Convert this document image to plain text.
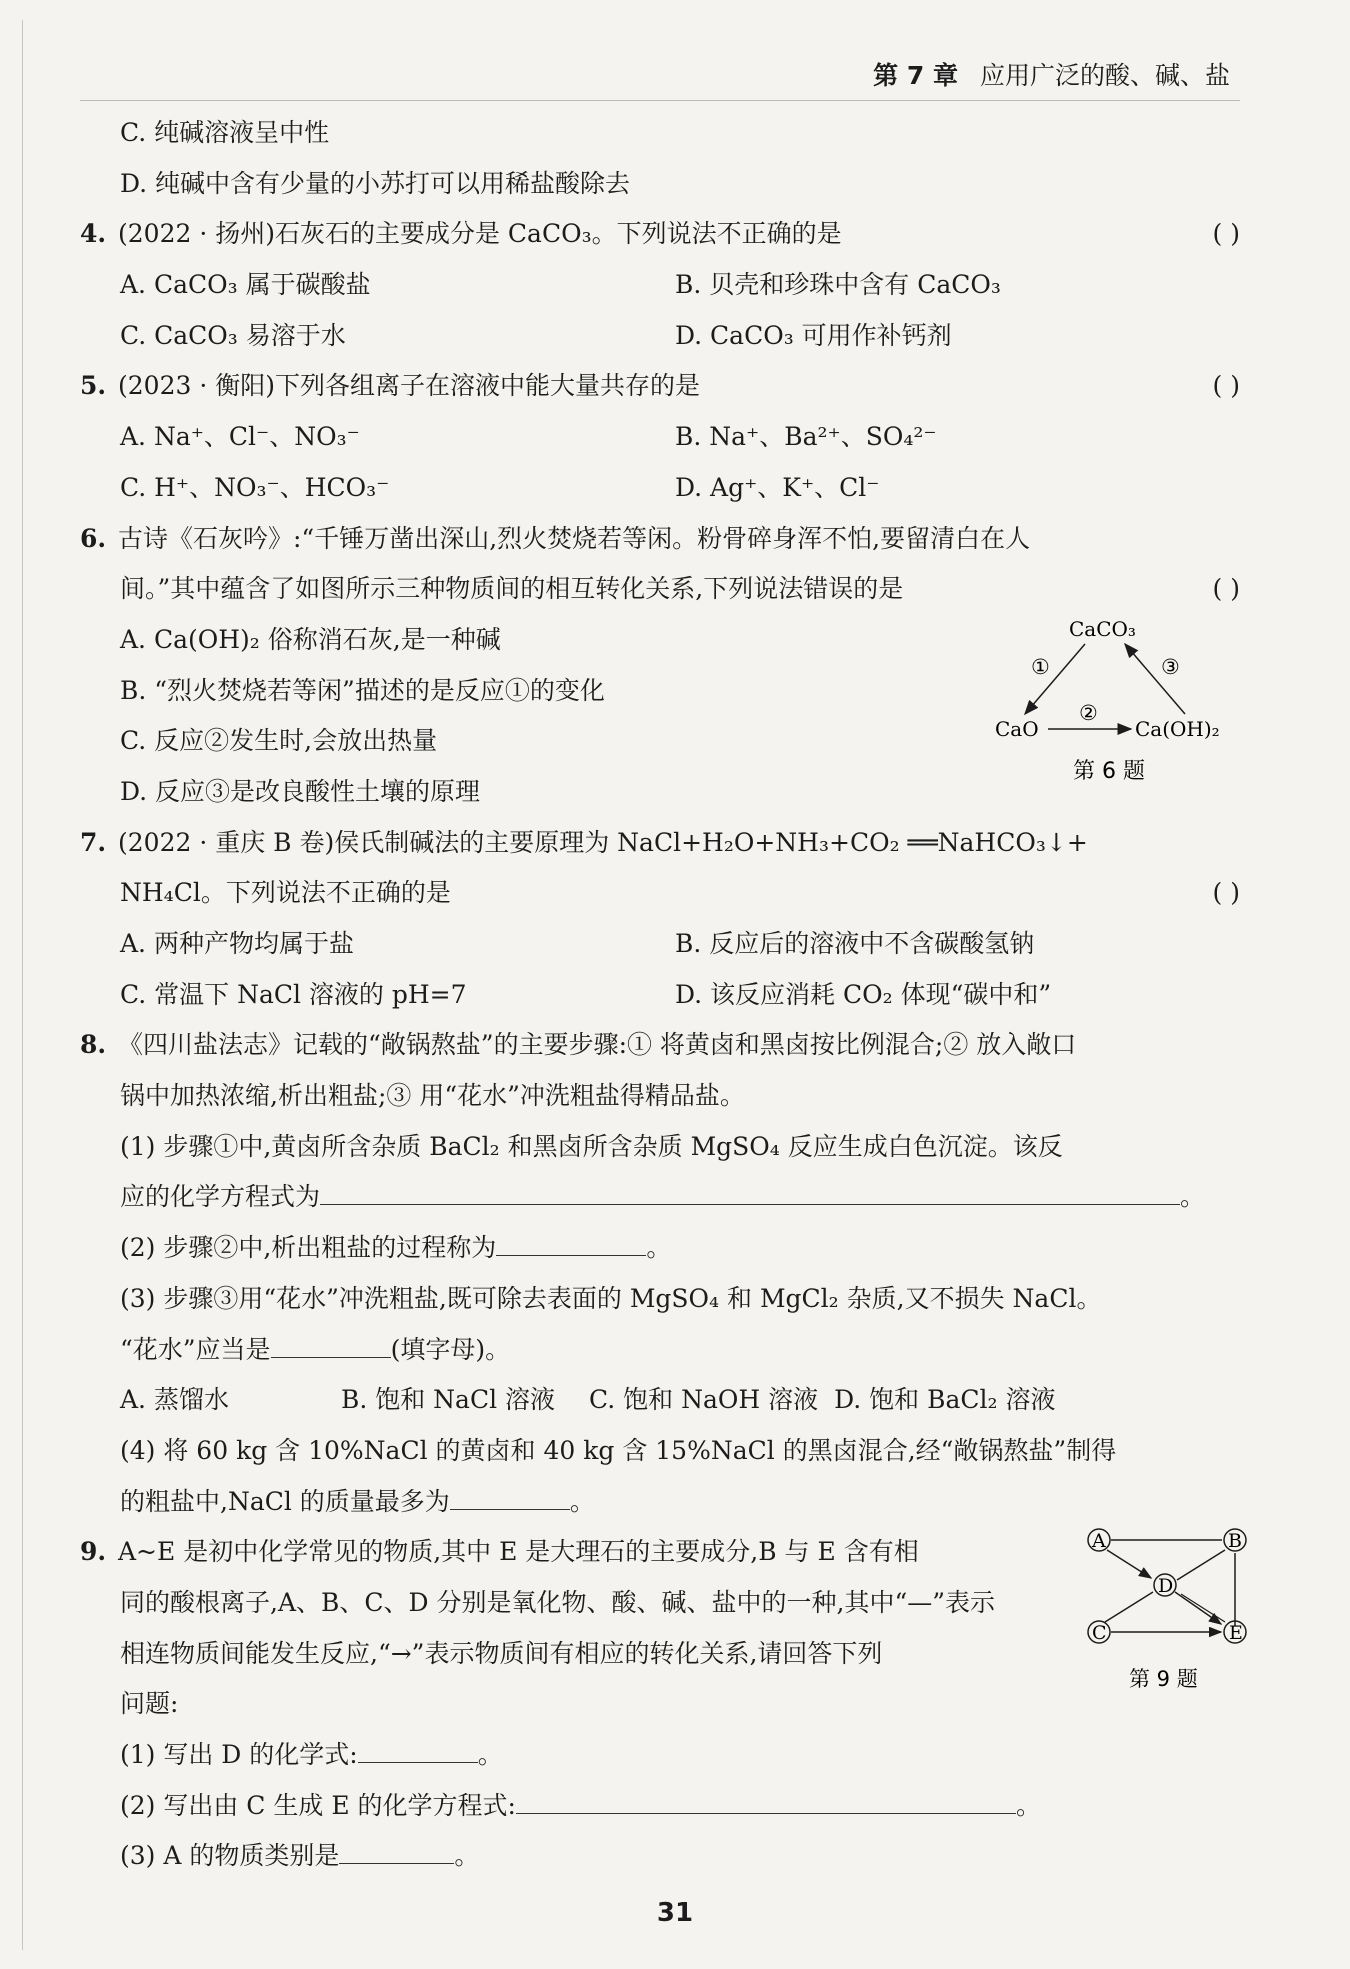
第 7 章 应用广泛的酸、碱、盐
C. 纯碱溶液呈中性
D. 纯碱中含有少量的小苏打可以用稀盐酸除去
4. (2022 · 扬州)石灰石的主要成分是 CaCO₃。下列说法不正确的是	( )
A. CaCO₃ 属于碳酸盐	B. 贝壳和珍珠中含有 CaCO₃
C. CaCO₃ 易溶于水	D. CaCO₃ 可用作补钙剂
5. (2023 · 衡阳)下列各组离子在溶液中能大量共存的是	( )
A. Na⁺、Cl⁻、NO₃⁻	B. Na⁺、Ba²⁺、SO₄²⁻
C. H⁺、NO₃⁻、HCO₃⁻	D. Ag⁺、K⁺、Cl⁻
6. 古诗《石灰吟》:“千锤万凿出深山,烈火焚烧若等闲。粉骨碎身浑不怕,要留清白在人
间。”其中蕴含了如图所示三种物质间的相互转化关系,下列说法错误的是	( )
A. Ca(OH)₂ 俗称消石灰,是一种碱
B. “烈火焚烧若等闲”描述的是反应①的变化
C. 反应②发生时,会放出热量
D. 反应③是改良酸性土壤的原理
7. (2022 · 重庆 B 卷)侯氏制碱法的主要原理为 NaCl+H₂O+NH₃+CO₂ ══NaHCO₃↓+
NH₄Cl。下列说法不正确的是	( )
A. 两种产物均属于盐	B. 反应后的溶液中不含碳酸氢钠
C. 常温下 NaCl 溶液的 pH=7	D. 该反应消耗 CO₂ 体现“碳中和”
8. 《四川盐法志》记载的“敞锅熬盐”的主要步骤:① 将黄卤和黑卤按比例混合;② 放入敞口
锅中加热浓缩,析出粗盐;③ 用“花水”冲洗粗盐得精品盐。
(1) 步骤①中,黄卤所含杂质 BaCl₂ 和黑卤所含杂质 MgSO₄ 反应生成白色沉淀。该反
应的化学方程式为	。
(2) 步骤②中,析出粗盐的过程称为	。
(3) 步骤③用“花水”冲洗粗盐,既可除去表面的 MgSO₄ 和 MgCl₂ 杂质,又不损失 NaCl。
“花水”应当是	(填字母)。
A. 蒸馏水	B. 饱和 NaCl 溶液 C. 饱和 NaOH 溶液 D. 饱和 BaCl₂ 溶液
(4) 将 60 kg 含 10%NaCl 的黄卤和 40 kg 含 15%NaCl 的黑卤混合,经“敞锅熬盐”制得
的粗盐中,NaCl 的质量最多为	。
9. A~E 是初中化学常见的物质,其中 E 是大理石的主要成分,B 与 E 含有相
同的酸根离子,A、B、C、D 分别是氧化物、酸、碱、盐中的一种,其中“—”表示
相连物质间能发生反应,“→”表示物质间有相应的转化关系,请回答下列
问题:
(1) 写出 D 的化学式:	。
(2) 写出由 C 生成 E 的化学方程式:	。
(3) A 的物质类别是	。
CaCO₃
CaO	Ca(OH)₂
①
②
③
第 6 题
A	B
D
C	E
第 9 题
31
